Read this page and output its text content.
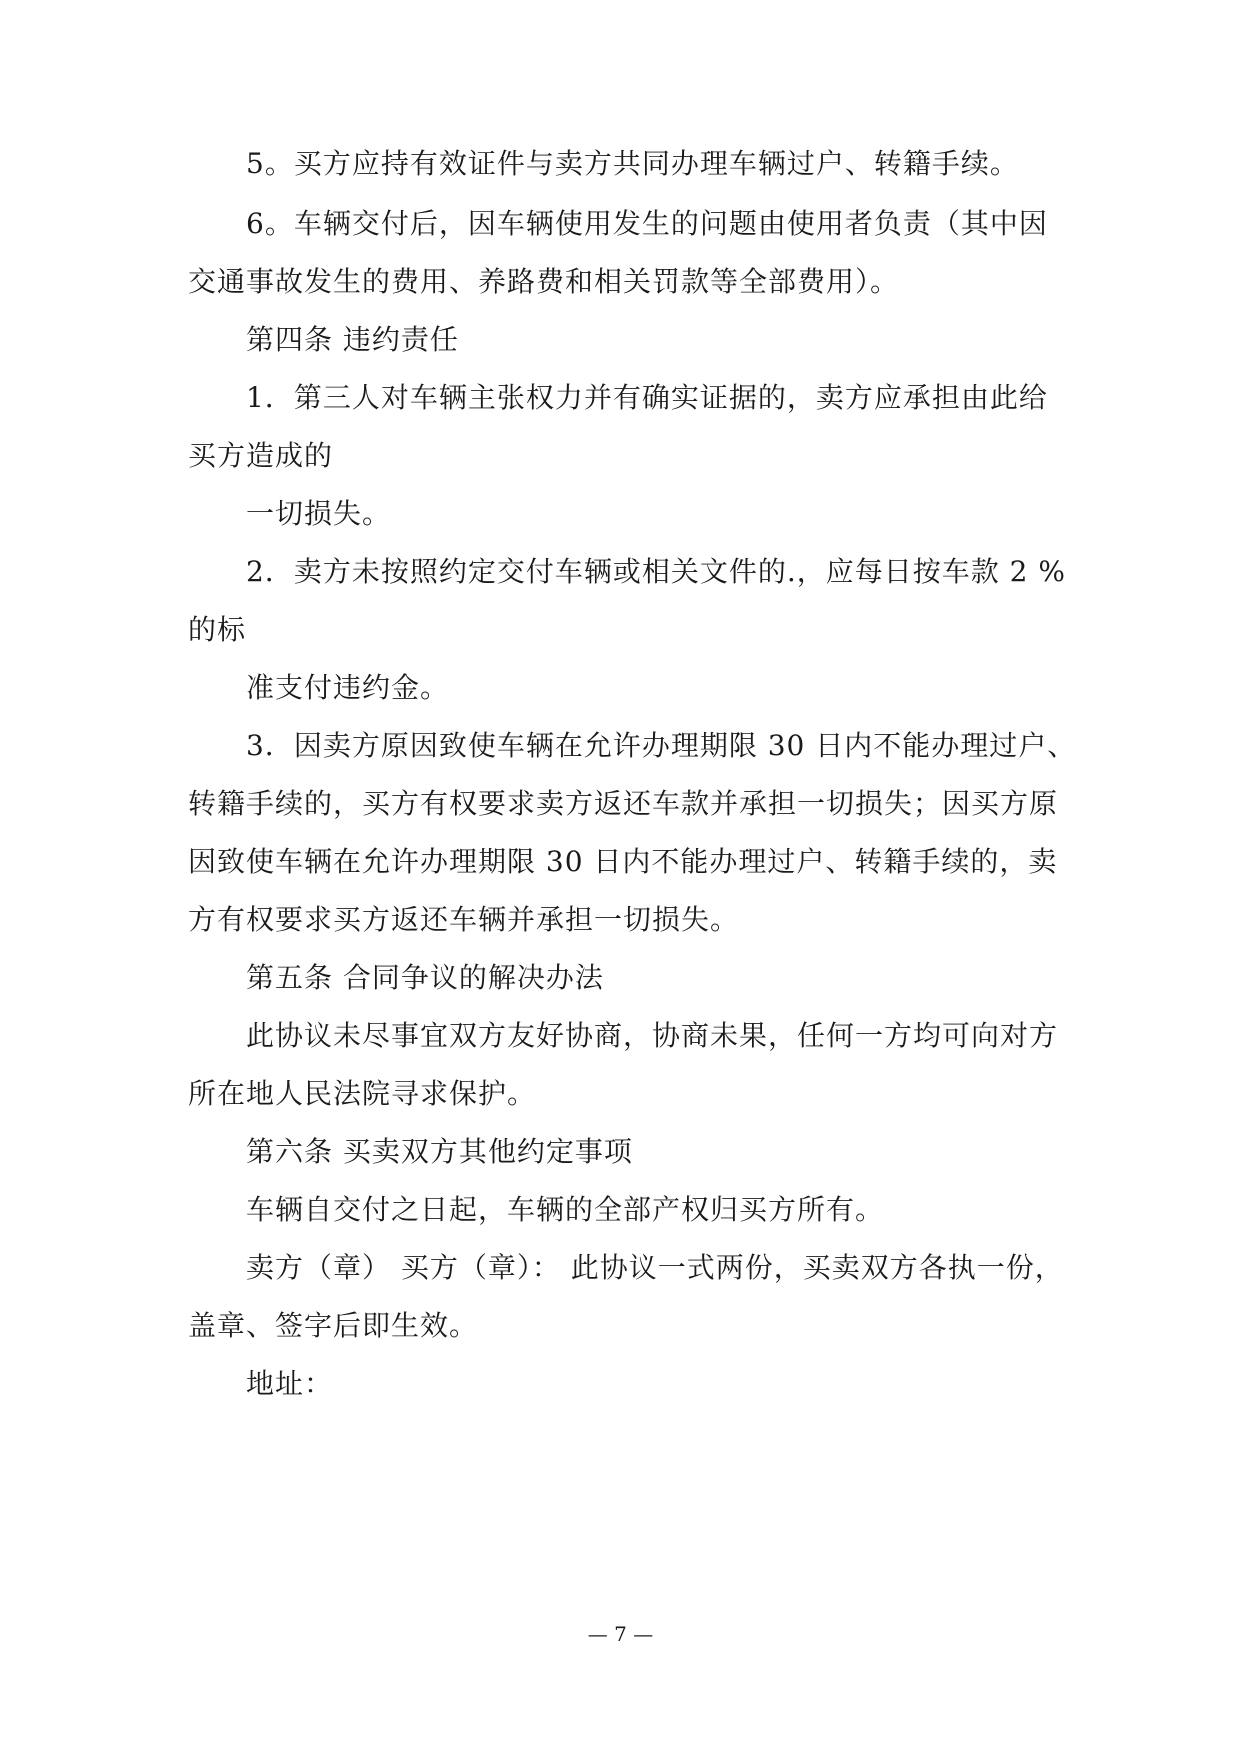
5。买方应持有效证件与卖方共同办理车辆过户、转籍手续。
6。车辆交付后，因车辆使用发生的问题由使用者负责（其中因
交通事故发生的费用、养路费和相关罚款等全部费用）。
第四条 违约责任
1．第三人对车辆主张权力并有确实证据的，卖方应承担由此给
买方造成的
一切损失。
2．卖方未按照约定交付车辆或相关文件的.，应每日按车款 2 %
的标
准支付违约金。
3．因卖方原因致使车辆在允许办理期限 30 日内不能办理过户、
转籍手续的，买方有权要求卖方返还车款并承担一切损失；因买方原
因致使车辆在允许办理期限 30 日内不能办理过户、转籍手续的，卖
方有权要求买方返还车辆并承担一切损失。
第五条 合同争议的解决办法
此协议未尽事宜双方友好协商，协商未果，任何一方均可向对方
所在地人民法院寻求保护。
第六条 买卖双方其他约定事项
车辆自交付之日起，车辆的全部产权归买方所有。
卖方（章） 买方（章）： 此协议一式两份，买卖双方各执一份，
盖章、签字后即生效。
地址：
— 7 —
